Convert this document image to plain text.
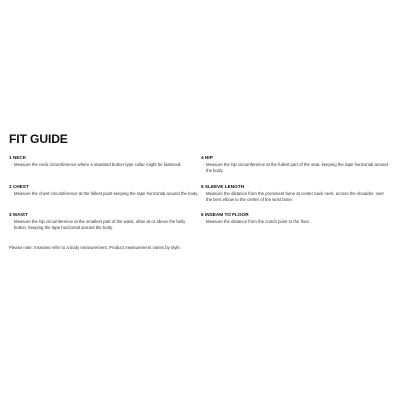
FIT GUIDE
1 NECK
Measure the neck circumference where a standard button-type collar might be fastened.
2 CHEST
Measure the chest circumference at the fullest point keeping the tape horizontal around the body.
3 WAIST
Measure the hip circumference at the smallest part of the waist, often at or above the belly button, keeping the tape horizontal around the body.
4 HIP
Measure the hip circumference at the fullest part of the seat, keeping the tape horizontal around the body.
5 SLEEVE LENGTH
Measure the distance from the prominent bone at center back neck, across the shoulder, over the bent elbow to the center of the wrist bone.
6 INSEAM TO FLOOR
Measure the distance from the crotch point to the floor.
Please note: Inseams refer to a body measurement. Product measurement varies by style.
